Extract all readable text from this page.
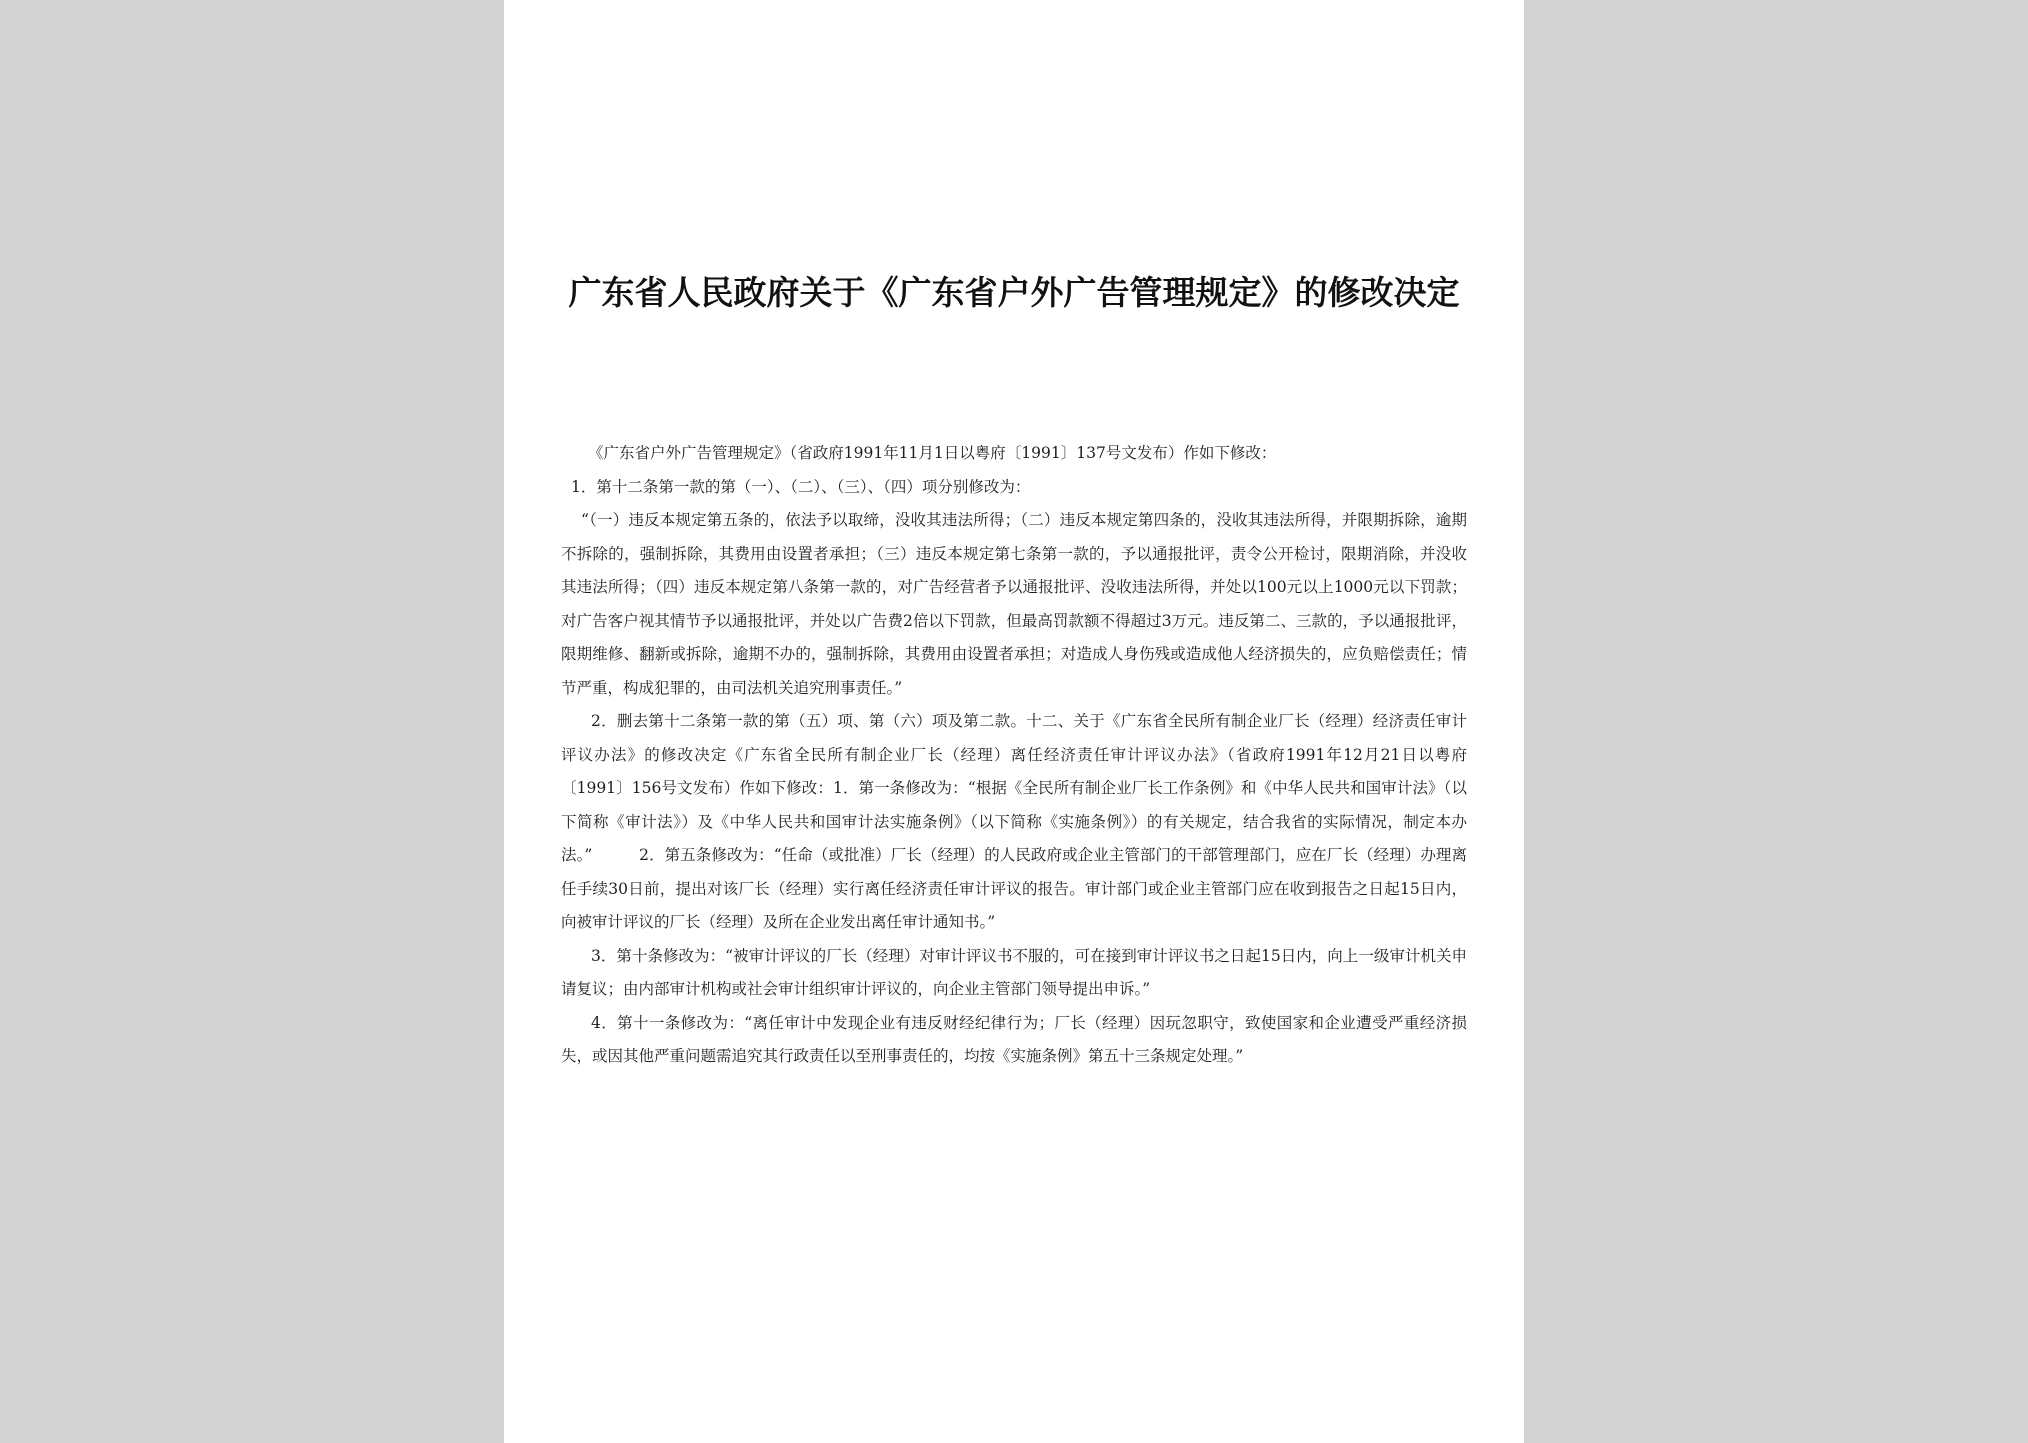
广东省人民政府关于《广东省户外广告管理规定》的修改决定

《广东省户外广告管理规定》（省政府1991年11月1日以粤府〔1991〕137号文发布）作如下修改：

1．第十二条第一款的第（一）、（二）、（三）、（四）项分别修改为：

“（一）违反本规定第五条的，依法予以取缔，没收其违法所得；（二）违反本规定第四条的，没收其违法所得，并限期拆除，逾期不拆除的，强制拆除，其费用由设置者承担；（三）违反本规定第七条第一款的，予以通报批评，责令公开检讨，限期消除，并没收其违法所得；（四）违反本规定第八条第一款的，对广告经营者予以通报批评、没收违法所得，并处以100元以上1000元以下罚款；对广告客户视其情节予以通报批评，并处以广告费2倍以下罚款，但最高罚款额不得超过3万元。违反第二、三款的，予以通报批评，限期维修、翻新或拆除，逾期不办的，强制拆除，其费用由设置者承担；对造成人身伤残或造成他人经济损失的，应负赔偿责任；情节严重，构成犯罪的，由司法机关追究刑事责任。”

2．删去第十二条第一款的第（五）项、第（六）项及第二款。十二、关于《广东省全民所有制企业厂长（经理）经济责任审计评议办法》的修改决定《广东省全民所有制企业厂长（经理）离任经济责任审计评议办法》（省政府1991年12月21日以粤府〔1991〕156号文发布）作如下修改：1．第一条修改为：“根据《全民所有制企业厂长工作条例》和《中华人民共和国审计法》（以下简称《审计法》）及《中华人民共和国审计法实施条例》（以下简称《实施条例》）的有关规定，结合我省的实际情况，制定本办法。”　　　2．第五条修改为：“任命（或批准）厂长（经理）的人民政府或企业主管部门的干部管理部门，应在厂长（经理）办理离任手续30日前，提出对该厂长（经理）实行离任经济责任审计评议的报告。审计部门或企业主管部门应在收到报告之日起15日内，向被审计评议的厂长（经理）及所在企业发出离任审计通知书。”

3．第十条修改为：“被审计评议的厂长（经理）对审计评议书不服的，可在接到审计评议书之日起15日内，向上一级审计机关申请复议；由内部审计机构或社会审计组织审计评议的，向企业主管部门领导提出申诉。”

4．第十一条修改为：“离任审计中发现企业有违反财经纪律行为；厂长（经理）因玩忽职守，致使国家和企业遭受严重经济损失，或因其他严重问题需追究其行政责任以至刑事责任的，均按《实施条例》第五十三条规定处理。”
